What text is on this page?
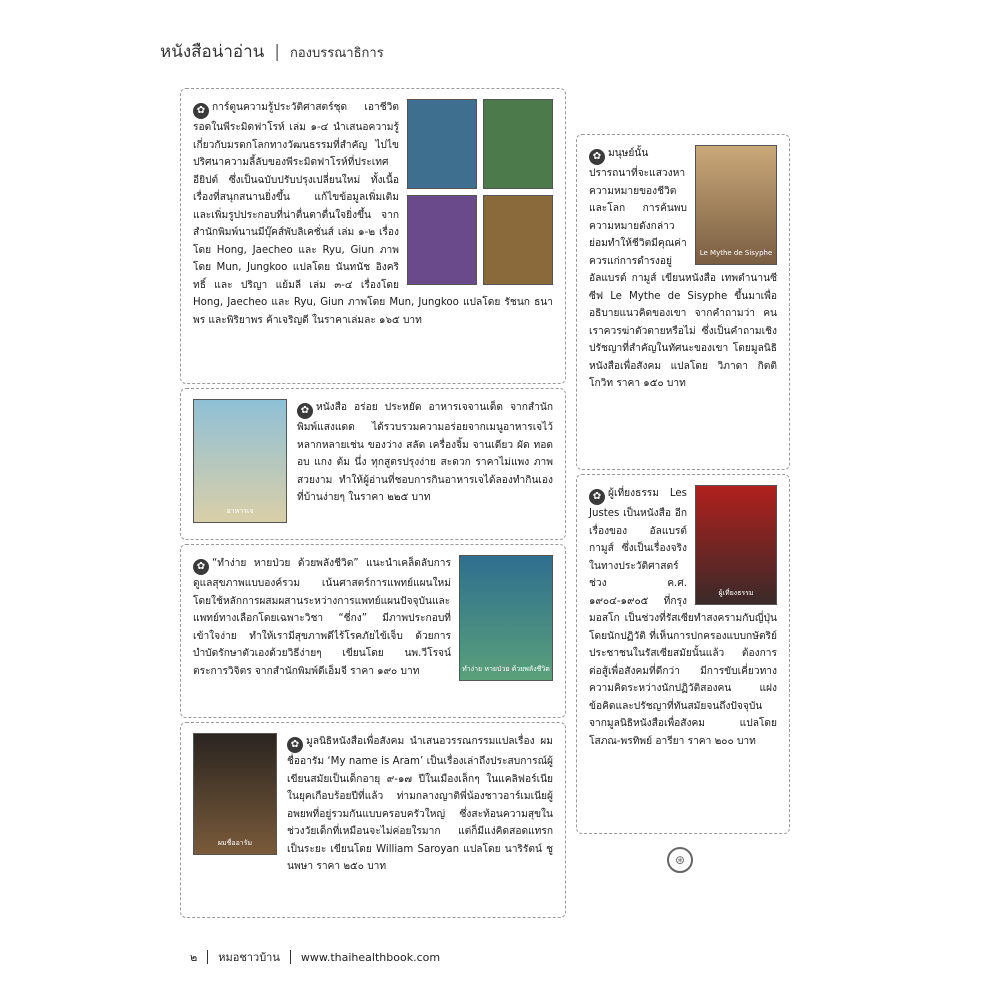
หนังสือน่าอ่าน | กองบรรณาธิการ

✿ การ์ตูนความรู้ประวัติศาสตร์ชุด เอาชีวิตรอดในพีระมิดฟาโรห์ เล่ม ๑-๔ นำเสนอความรู้เกี่ยวกับมรดกโลกทางวัฒนธรรมที่สำคัญ ไปไขปริศนาความลี้ลับของพีระมิดฟาโรห์ที่ประเทศอียิปต์ ซึ่งเป็นฉบับปรับปรุงเปลี่ยนใหม่ ทั้งเนื้อเรื่องที่สนุกสนานยิ่งขึ้น แก้ไขข้อมูลเพิ่มเติม และเพิ่มรูปประกอบที่น่าตื่นตาตื่นใจยิ่งขึ้น จากสำนักพิมพ์นานมีบุ๊คส์พับลิเคชั่นส์ เล่ม ๑-๒ เรื่องโดย Hong, Jaecheo และ Ryu, Giun ภาพโดย Mun, Jungkoo แปลโดย นันทนัช อิงคริทธิ์ และ ปริญา แย้มลี เล่ม ๓-๔ เรื่องโดย Hong, Jaecheo และ Ryu, Giun ภาพโดย Mun, Jungkoo แปลโดย รัชนก ธนาพร และพิริยาพร ค้าเจริญดี ในราคาเล่มละ ๑๖๕ บาท

อาหารเจ

✿ หนังสือ อร่อย ประหยัด อาหารเจจานเด็ด จากสำนักพิมพ์แสงแดด ได้รวบรวมความอร่อยจากเมนูอาหารเจไว้หลากหลายเช่น ของว่าง สลัด เครื่องจิ้ม จานเดียว ผัด ทอด อบ แกง ต้ม นึ่ง ทุกสูตรปรุงง่าย สะดวก ราคาไม่แพง ภาพสวยงาม ทำให้ผู้อ่านที่ชอบการกินอาหารเจได้ลองทำกินเองที่บ้านง่ายๆ ในราคา ๒๒๕ บาท

ทำง่าย หายป่วย ด้วยพลังชีวิต

✿ “ทำง่าย หายป่วย ด้วยพลังชีวิต” แนะนำเคล็ดลับการดูแลสุขภาพแบบองค์รวม เน้นศาสตร์การแพทย์แผนใหม่ โดยใช้หลักการผสมผสานระหว่างการแพทย์แผนปัจจุบันและแพทย์ทางเลือกโดยเฉพาะวิชา “ชี่กง” มีภาพประกอบที่เข้าใจง่าย ทำให้เรามีสุขภาพดีไร้โรคภัยไข้เจ็บ ด้วยการบำบัดรักษาตัวเองด้วยวิธีง่ายๆ เขียนโดย นพ.วีโรจน์ ตระการวิจิตร จากสำนักพิมพ์ดีเอ็มจี ราคา ๑๙๐ บาท

ผมชื่ออารัม

✿ มูลนิธิหนังสือเพื่อสังคม นำเสนอวรรณกรรมแปลเรื่อง ผมชื่ออารัม ‘My name is Aram’ เป็นเรื่องเล่าถึงประสบการณ์ผู้เขียนสมัยเป็นเด็กอายุ ๙-๑๗ ปีในเมืองเล็กๆ ในแคลิฟอร์เนียในยุคเกือบร้อยปีที่แล้ว ท่ามกลางญาติพี่น้องชาวอาร์เมเนียผู้อพยพที่อยู่รวมกันแบบครอบครัวใหญ่ ซึ่งสะท้อนความสุขในช่วงวัยเด็กที่เหมือนจะไม่ค่อยใรมาก แต่ก็มีแง่คิดสอดแทรกเป็นระยะ เขียนโดย William Saroyan แปลโดย นาริรัตน์ ชูนพษา ราคา ๒๕๐ บาท

Le Mythe de Sisyphe

✿ มนุษย์นั้นปรารถนาที่จะแสวงหาความหมายของชีวิตและโลก การค้นพบความหมายดังกล่าวย่อมทำให้ชีวิตมีคุณค่าควรแก่การดำรงอยู่ อัลแบรต์ กามูส์ เขียนหนังสือ เทพตำนานซีซีฟ Le Mythe de Sisyphe ขึ้นมาเพื่ออธิบายแนวคิดของเขา จากคำถามว่า คนเราควรฆ่าตัวตายหรือไม่ ซึ่งเป็นคำถามเชิงปรัชญาที่สำคัญในทัศนะของเขา โดยมูลนิธิหนังสือเพื่อสังคม แปลโดย วิภาดา กิตติโกวิท ราคา ๑๕๐ บาท

ผู้เที่ยงธรรม

✿ ผู้เที่ยงธรรม Les Justes เป็นหนังสือ อีกเรื่องของ อัลแบรต์ กามูส์ ซึ่งเป็นเรื่องจริงในทางประวัติศาสตร์ช่วง ค.ศ. ๑๙๐๔-๑๙๐๕ ที่กรุงมอสโก เป็นช่วงที่รัสเซียทำสงครามกับญี่ปุ่น โดยนักปฏิวัติ ที่เห็นการปกครองแบบกษัตริย์ประชาชนในรัสเซียสมัยนั้นแล้ว ต้องการต่อสู้เพื่อสังคมที่ดีกว่า มีการขับเคี่ยวทางความคิดระหว่างนักปฏิวัติสองคน แฝงข้อคิดและปรัชญาที่ทันสมัยจนถึงปัจจุบัน จากมูลนิธิหนังสือเพื่อสังคม แปลโดย โสภณ-พรทิพย์ อารียา ราคา ๒๐๐ บาท

⊛
๒ หมอชาวบ้าน www.thaihealthbook.com
